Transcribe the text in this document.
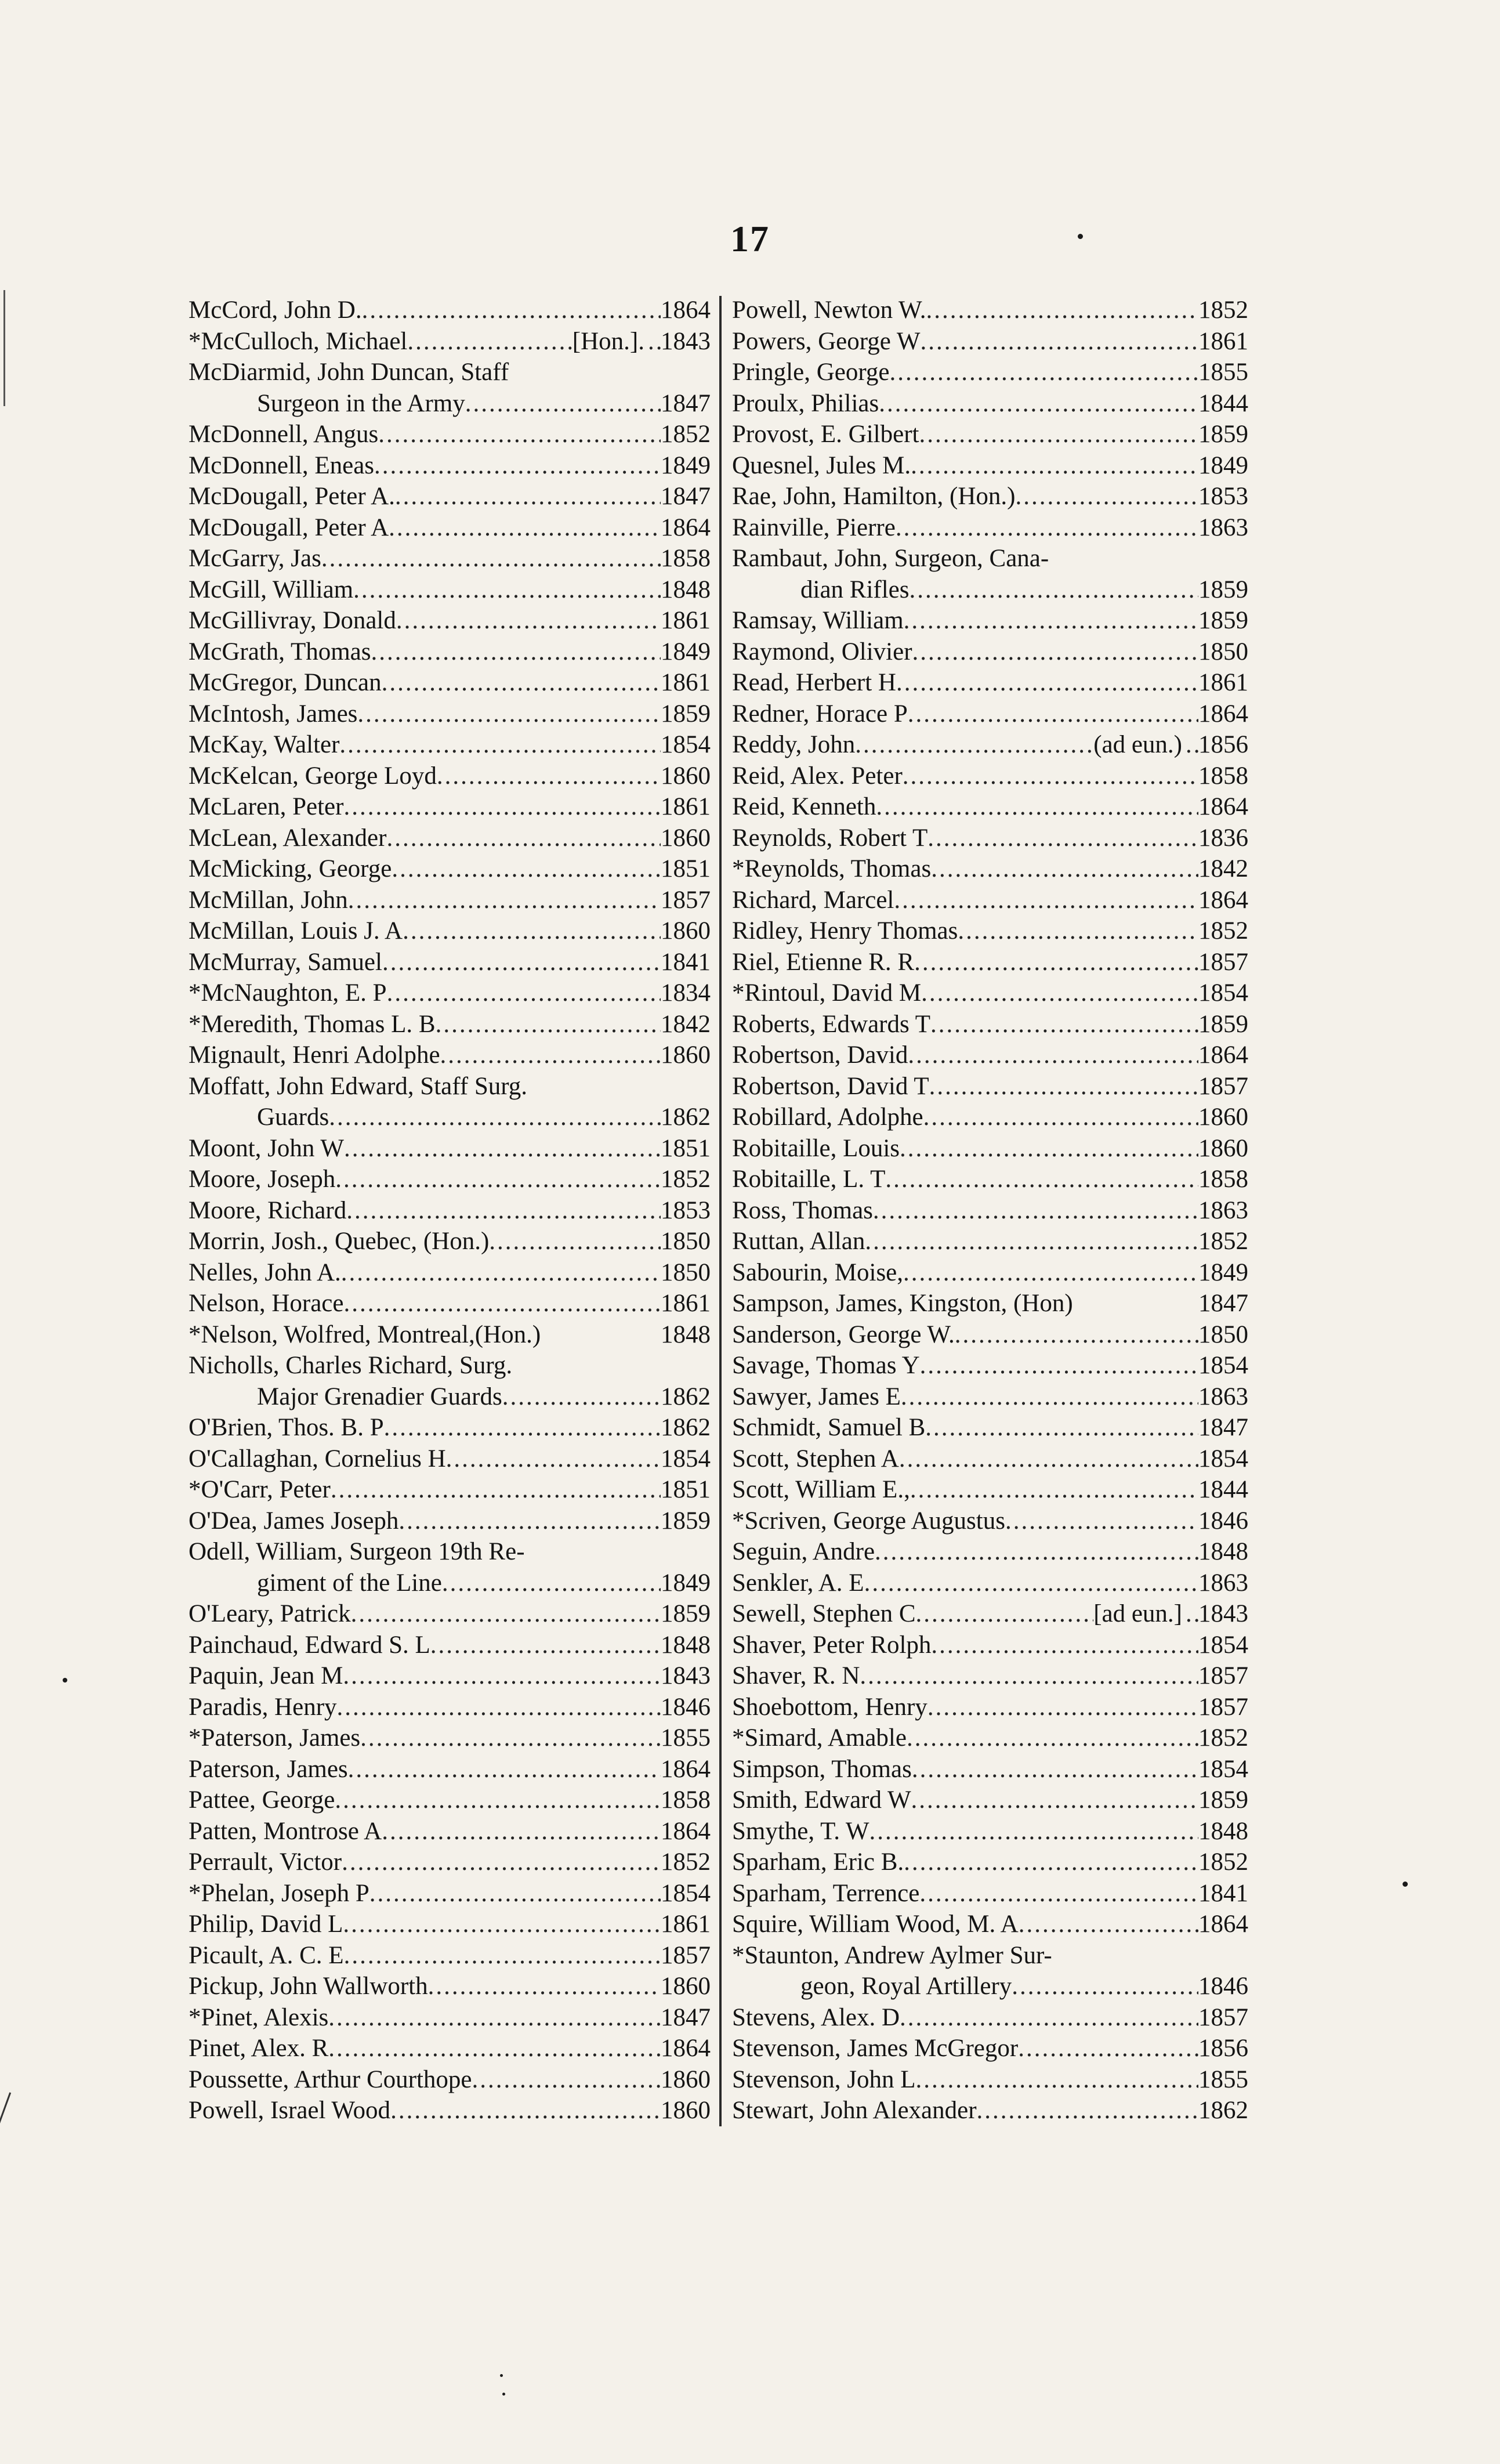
17
McCord, John D. .....	1864
*McCulloch, Michael .....	[Hon.]. ..... 1843
McDiarmid, John Duncan, Staff
Surgeon in the Army .....	1847
McDonnell, Angus .....	1852
McDonnell, Eneas .....	1849
McDougall, Peter A. .....	1847
McDougall, Peter A .....	1864
McGarry, Jas .....	1858
McGill, William .....	1848
McGillivray, Donald .....	1861
McGrath, Thomas .....	1849
McGregor, Duncan .....	1861
McIntosh, James .....	1859
McKay, Walter .....	1854
McKelcan, George Loyd .....	1860
McLaren, Peter .....	1861
McLean, Alexander .....	1860
McMicking, George .....	1851
McMillan, John .....	1857
McMillan, Louis J. A .....	1860
McMurray, Samuel .....	1841
*McNaughton, E. P .....	1834
*Meredith, Thomas L. B .....	1842
Mignault, Henri Adolphe .....	1860
Moffatt, John Edward, Staff Surg.
Guards .....	1862
Moont, John W .....	1851
Moore, Joseph .....	1852
Moore, Richard .....	1853
Morrin, Josh., Quebec, (Hon.) .....	1850
Nelles, John A. .....	1850
Nelson, Horace .....	1861
*Nelson, Wolfred, Montreal,(Hon.)	1848
Nicholls, Charles Richard, Surg.
Major Grenadier Guards .....	1862
O'Brien, Thos. B. P .....	1862
O'Callaghan, Cornelius H .....	1854
*O'Carr, Peter .....	1851
O'Dea, James Joseph .....	1859
Odell, William, Surgeon 19th Re-
giment of the Line .....	1849
O'Leary, Patrick .....	1859
Painchaud, Edward S. L .....	1848
Paquin, Jean M .....	1843
Paradis, Henry .....	1846
*Paterson, James .....	1855
Paterson, James .....	1864
Pattee, George .....	1858
Patten, Montrose A .....	1864
Perrault, Victor .....	1852
*Phelan, Joseph P .....	1854
Philip, David L .....	1861
Picault, A. C. E .....	1857
Pickup, John Wallworth .....	1860
*Pinet, Alexis .....	1847
Pinet, Alex. R .....	1864
Poussette, Arthur Courthope .....	1860
Powell, Israel Wood .....	1860
Powell, Newton W. .....	1852
Powers, George W .....	1861
Pringle, George .....	1855
Proulx, Philias .....	1844
Provost, E. Gilbert .....	1859
Quesnel, Jules M. .....	1849
Rae, John, Hamilton, (Hon.) .....	1853
Rainville, Pierre .....	1863
Rambaut, John, Surgeon, Cana-
dian Rifles .....	1859
Ramsay, William .....	1859
Raymond, Olivier .....	1850
Read, Herbert H .....	1861
Redner, Horace P .....	1864
Reddy, John .....	(ad eun.) ..... 1856
Reid, Alex. Peter .....	1858
Reid, Kenneth .....	1864
Reynolds, Robert T .....	1836
*Reynolds, Thomas .....	1842
Richard, Marcel .....	1864
Ridley, Henry Thomas .....	1852
Riel, Etienne R. R .....	1857
*Rintoul, David M .....	1854
Roberts, Edwards T .....	1859
Robertson, David .....	1864
Robertson, David T .....	1857
Robillard, Adolphe .....	1860
Robitaille, Louis .....	1860
Robitaille, L. T .....	1858
Ross, Thomas .....	1863
Ruttan, Allan .....	1852
Sabourin, Moise, .....	1849
Sampson, James, Kingston, (Hon)	1847
Sanderson, George W. .....	1850
Savage, Thomas Y .....	1854
Sawyer, James E .....	1863
Schmidt, Samuel B .....	1847
Scott, Stephen A .....	1854
Scott, William E., .....	1844
*Scriven, George Augustus .....	1846
Seguin, Andre .....	1848
Senkler, A. E .....	1863
Sewell, Stephen C .....	[ad eun.] ..... 1843
Shaver, Peter Rolph .....	1854
Shaver, R. N .....	1857
Shoebottom, Henry .....	1857
*Simard, Amable .....	1852
Simpson, Thomas .....	1854
Smith, Edward W .....	1859
Smythe, T. W .....	1848
Sparham, Eric B. .....	1852
Sparham, Terrence .....	1841
Squire, William Wood, M. A .....	1864
*Staunton, Andrew Aylmer Sur-
geon, Royal Artillery .....	1846
Stevens, Alex. D .....	1857
Stevenson, James McGregor .....	1856
Stevenson, John L .....	1855
Stewart, John Alexander .....	1862
